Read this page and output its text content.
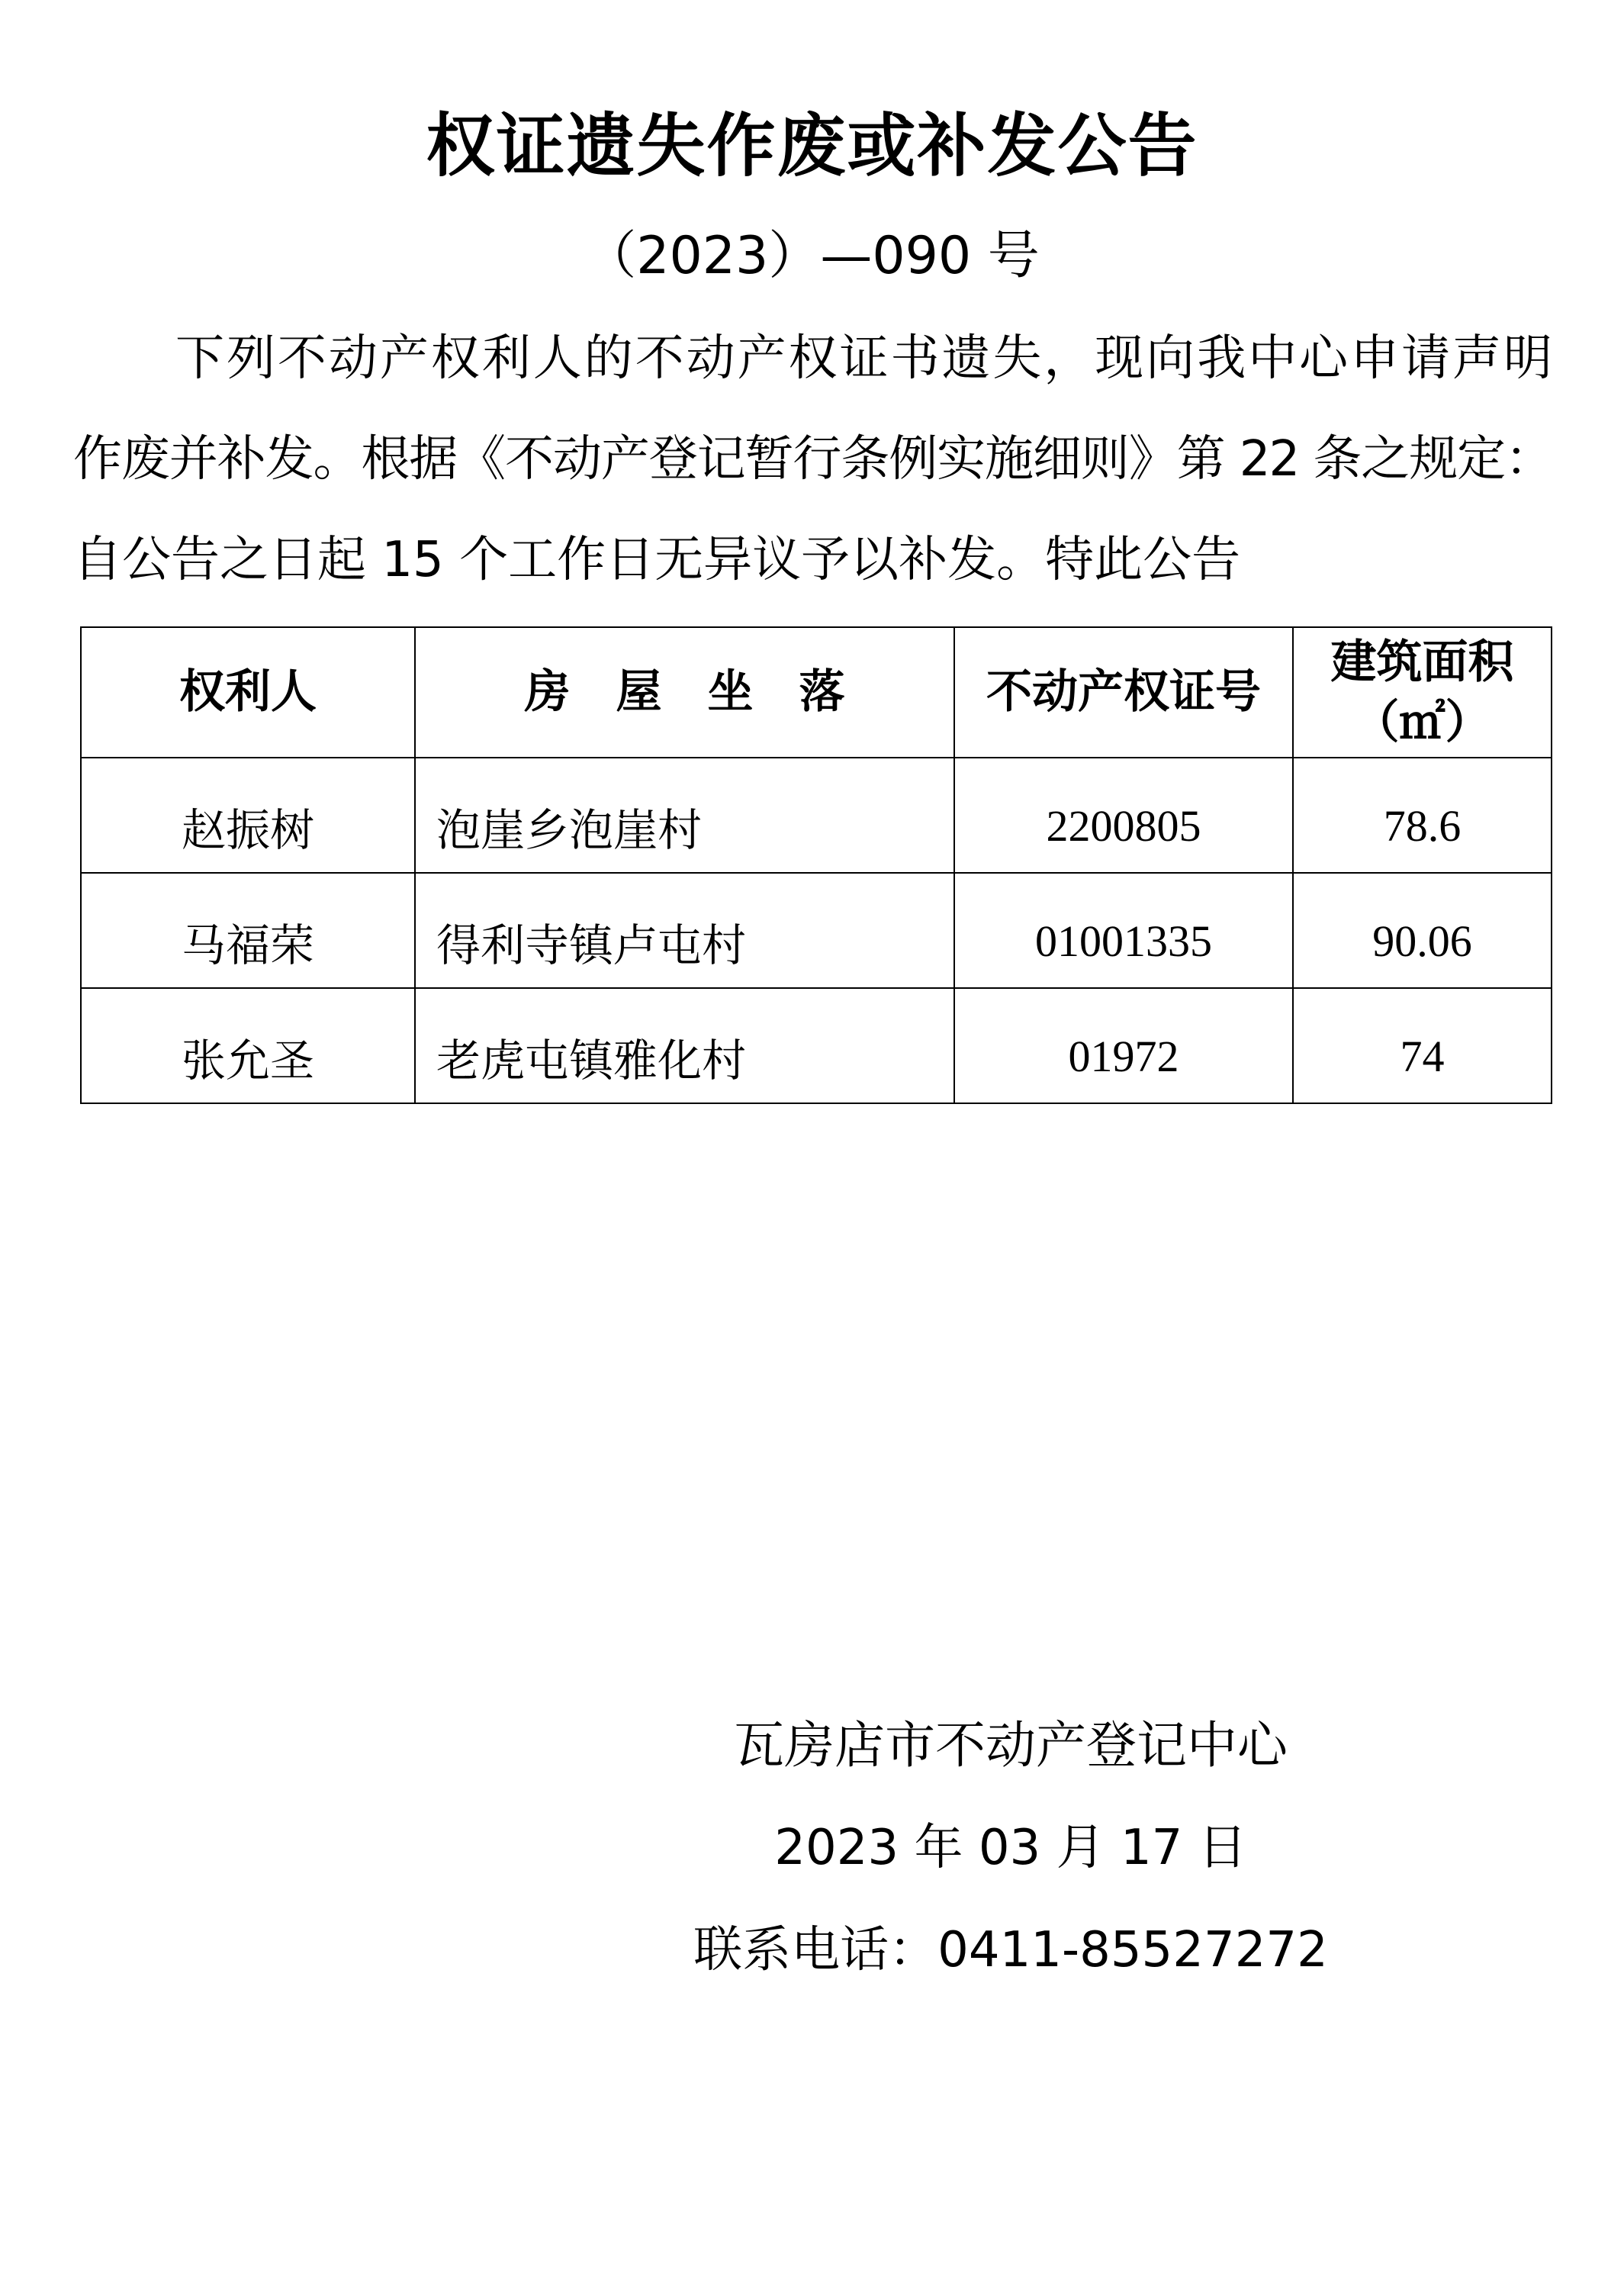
权证遗失作废或补发公告
（2023）—090 号
下列不动产权利人的不动产权证书遗失，现向我中心申请声明
作废并补发。根据《不动产登记暂行条例实施细则》第 22 条之规定：
自公告之日起 15 个工作日无异议予以补发。特此公告
权利人	房　屋　坐　落	不动产权证号	建筑面积
（㎡）

赵振树	泡崖乡泡崖村	2200805	78.6
马福荣	得利寺镇卢屯村	01001335	90.06
张允圣	老虎屯镇雅化村	01972	74
瓦房店市不动产登记中心
2023 年 03 月 17 日
联系电话：0411-85527272
